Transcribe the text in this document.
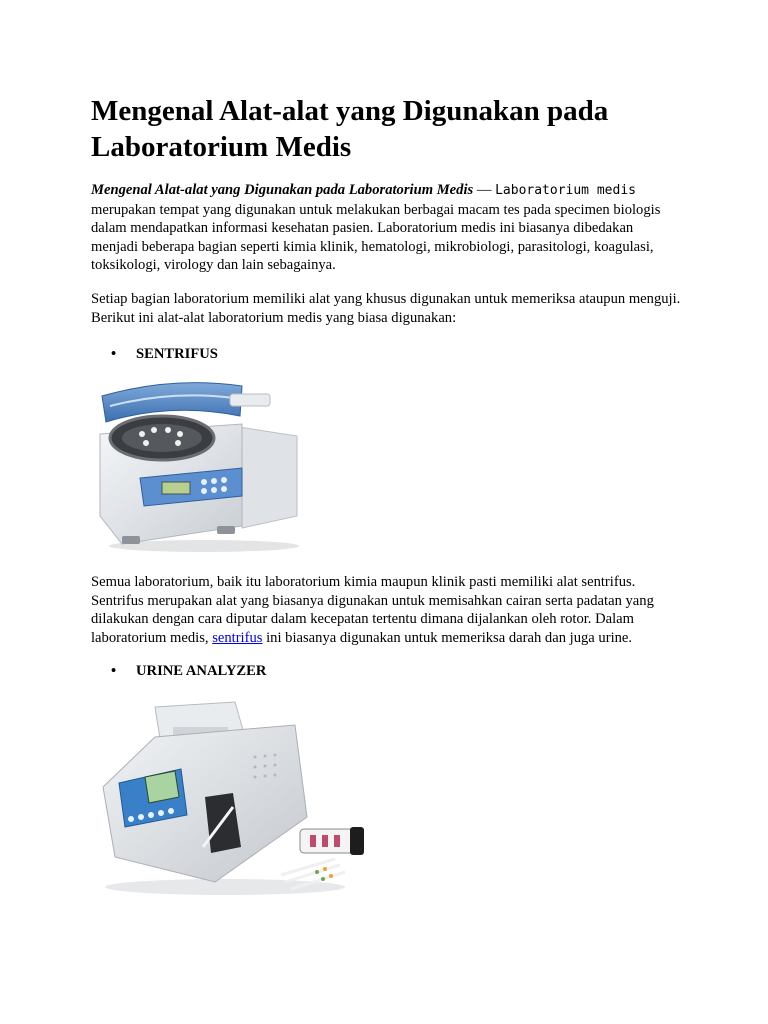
Mengenal Alat-alat yang Digunakan pada Laboratorium Medis

Mengenal Alat-alat yang Digunakan pada Laboratorium Medis — Laboratorium medis merupakan tempat yang digunakan untuk melakukan berbagai macam tes pada specimen biologis dalam mendapatkan informasi kesehatan pasien. Laboratorium medis ini biasanya dibedakan menjadi beberapa bagian seperti kimia klinik, hematologi, mikrobiologi, parasitologi, koagulasi, toksikologi, virology dan lain sebagainya.

Setiap bagian laboratorium memiliki alat yang khusus digunakan untuk memeriksa ataupun menguji. Berikut ini alat-alat laboratorium medis yang biasa digunakan:

• SENTRIFUS

Semua laboratorium, baik itu laboratorium kimia maupun klinik pasti memiliki alat sentrifus. Sentrifus merupakan alat yang biasanya digunakan untuk memisahkan cairan serta padatan yang dilakukan dengan cara diputar dalam kecepatan tertentu dimana dijalankan oleh rotor. Dalam laboratorium medis, sentrifus ini biasanya digunakan untuk memeriksa darah dan juga urine.

• URINE ANALYZER
